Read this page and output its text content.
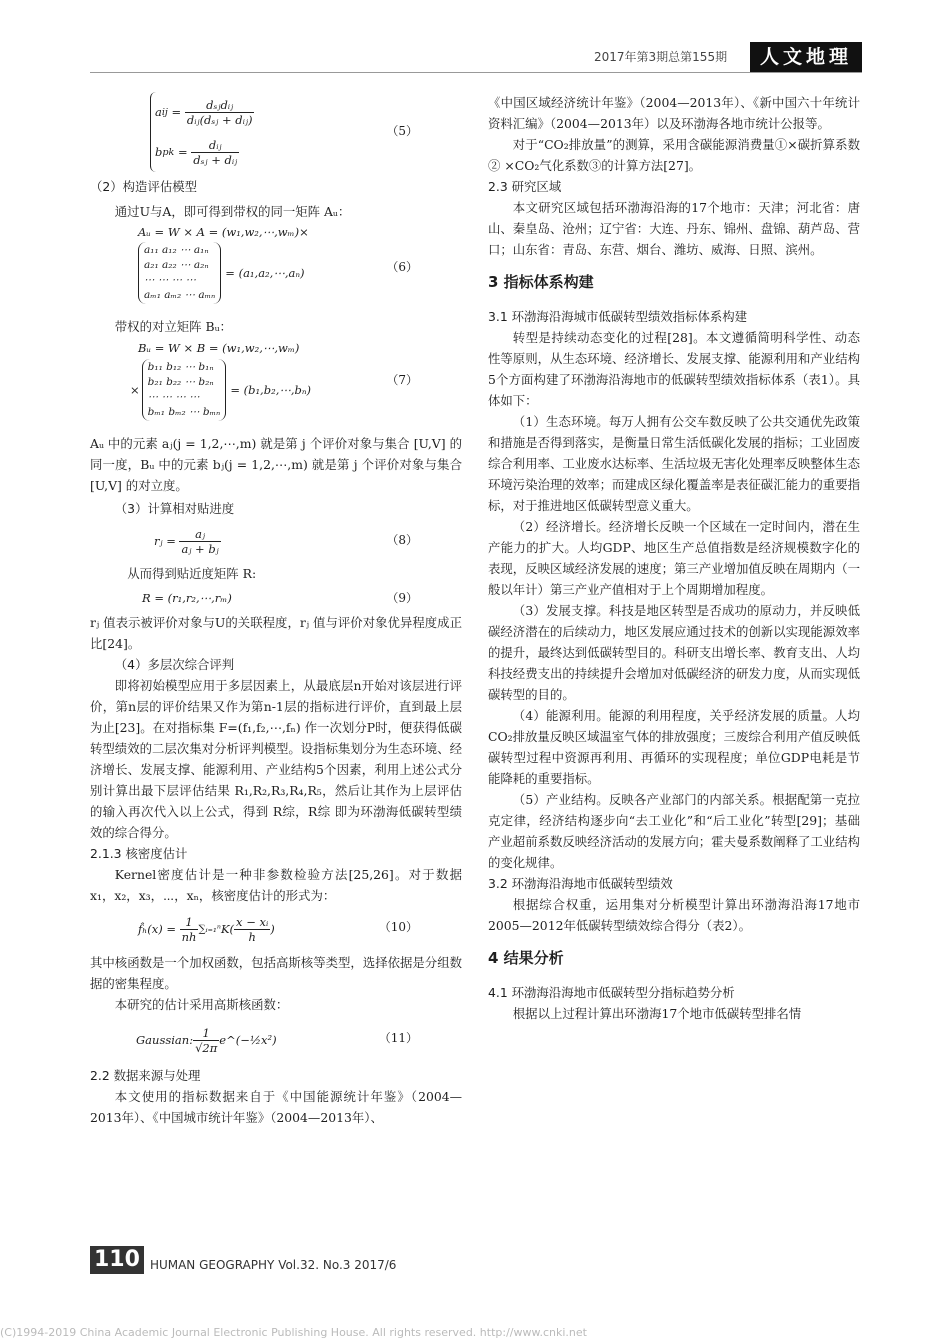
2017年第3期总第155期	人文地理
a ij = $\frac{\text{dₛⱼdᵢⱼ}}{\text{dᵢⱼ(dₛⱼ + dᵢⱼ)}}$
b pk = $\frac{\text{dᵢⱼ}}{\text{dₛⱼ + dᵢⱼ}}$
（5）

（2）构造评估模型

通过U与A，即可得到带权的同一矩阵 Aᵤ：

Aᵤ = W × A = (w₁,w₂,⋯,wₘ)×
a₁₁ a₁₂ ⋯ a₁ₙ
a₂₁ a₂₂ ⋯ a₂ₙ
⋯ ⋯ ⋯ ⋯
aₘ₁ aₘ₂ ⋯ aₘₙ
= (a₁,a₂,⋯,aₙ)	（6）

带权的对立矩阵 Bᵤ：

Bᵤ = W × B = (w₁,w₂,⋯,wₘ)
×
b₁₁ b₁₂ ⋯ b₁ₙ
b₂₁ b₂₂ ⋯ b₂ₙ
⋯ ⋯ ⋯ ⋯
bₘ₁ bₘ₂ ⋯ bₘₙ
= (b₁,b₂,⋯,bₙ)
（7）

Aᵤ 中的元素 aⱼ(j = 1,2,⋯,m) 就是第 j 个评价对象与集合 [U,V] 的同一度，Bᵤ 中的元素 bⱼ(j = 1,2,⋯,m) 就是第 j 个评价对象与集合 [U,V] 的对立度。

（3）计算相对贴进度

rⱼ =
$\frac{\text{aⱼ}}{\text{aⱼ + bⱼ}}$	（8）

从而得到贴近度矩阵 R:

R = (r₁,r₂,⋯,rₘ)	（9）

rⱼ 值表示被评价对象与U的关联程度，rⱼ 值与评价对象优异程度成正比[24]。

（4）多层次综合评判

即将初始模型应用于多层因素上，从最底层n开始对该层进行评价，第n层的评价结果又作为第n-1层的指标进行评价，直到最上层为止[23]。在对指标集 F=(f₁,f₂,⋯,fₙ) 作一次划分P时，便获得低碳转型绩效的二层次集对分析评判模型。设指标集划分为生态环境、经济增长、发展支撑、能源利用、产业结构5个因素，利用上述公式分别计算出最下层评估结果 R₁,R₂,R₃,R₄,R₅，然后让其作为上层评估的输入再次代入以上公式，得到 R综，R综 即为环渤海低碳转型绩效的综合得分。

2.1.3 核密度估计

Kernel密度估计是一种非参数检验方法[25,26]。对于数据 x₁，x₂，x₃，⋯，xₙ，核密度估计的形式为：

f̂ₕ(x) =
$\frac{1}{nh}$ ∑ᵢ₌₁ⁿ $K( \frac{\text{x − xᵢ}}{h}$ )	（10）

其中核函数是一个加权函数，包括高斯核等类型，选择依据是分组数据的密集程度。

本研究的估计采用高斯核函数：

Gaussian: $\frac{1}{√2\pi}$ e^(−½x²)	（11）

2.2 数据来源与处理

本文使用的指标数据来自于《中国能源统计年鉴》（2004—2013年）、《中国城市统计年鉴》（2004—2013年）、

《中国区域经济统计年鉴》（2004—2013年）、《新中国六十年统计资料汇编》（2004—2013年）以及环渤海各地市统计公报等。

对于“CO₂排放量”的测算，采用含碳能源消费量①×碳折算系数② ×CO₂气化系数③的计算方法[27]。

2.3 研究区域

本文研究区域包括环渤海沿海的17个地市：天津；河北省：唐山、秦皇岛、沧州；辽宁省：大连、丹东、锦州、盘锦、葫芦岛、营口；山东省：青岛、东营、烟台、潍坊、威海、日照、滨州。

3 指标体系构建

3.1 环渤海沿海城市低碳转型绩效指标体系构建

转型是持续动态变化的过程[28]。本文遵循简明科学性、动态性等原则，从生态环境、经济增长、发展支撑、能源利用和产业结构5个方面构建了环渤海沿海地市的低碳转型绩效指标体系（表1）。具体如下：

（1）生态环境。每万人拥有公交车数反映了公共交通优先政策和措施是否得到落实，是衡量日常生活低碳化发展的指标；工业固废综合利用率、工业废水达标率、生活垃圾无害化处理率反映整体生态环境污染治理的效率；而建成区绿化覆盖率是表征碳汇能力的重要指标，对于推进地区低碳转型意义重大。

（2）经济增长。经济增长反映一个区域在一定时间内，潜在生产能力的扩大。人均GDP、地区生产总值指数是经济规模数字化的表现，反映区域经济发展的速度；第三产业增加值反映在周期内（一般以年计）第三产业产值相对于上个周期增加程度。

（3）发展支撑。科技是地区转型是否成功的原动力，并反映低碳经济潜在的后续动力，地区发展应通过技术的创新以实现能源效率的提升，最终达到低碳转型目的。科研支出增长率、教育支出、人均科技经费支出的持续提升会增加对低碳经济的研发力度，从而实现低碳转型的目的。

（4）能源利用。能源的利用程度，关乎经济发展的质量。人均CO₂排放量反映区域温室气体的排放强度；三废综合利用产值反映低碳转型过程中资源再利用、再循环的实现程度；单位GDP电耗是节能降耗的重要指标。

（5）产业结构。反映各产业部门的内部关系。根据配第一克拉克定律，经济结构逐步向“去工业化”和“后工业化”转型[29]；基础产业超前系数反映经济活动的发展方向；霍夫曼系数阐释了工业结构的变化规律。

3.2 环渤海沿海地市低碳转型绩效

根据综合权重，运用集对分析模型计算出环渤海沿海17地市2005—2012年低碳转型绩效综合得分（表2）。

4 结果分析

4.1 环渤海沿海地市低碳转型分指标趋势分析

根据以上过程计算出环渤海17个地市低碳转型排名情

110 HUMAN GEOGRAPHY Vol.32. No.3 2017/6
(C)1994-2019 China Academic Journal Electronic Publishing House. All rights reserved. http://www.cnki.net
